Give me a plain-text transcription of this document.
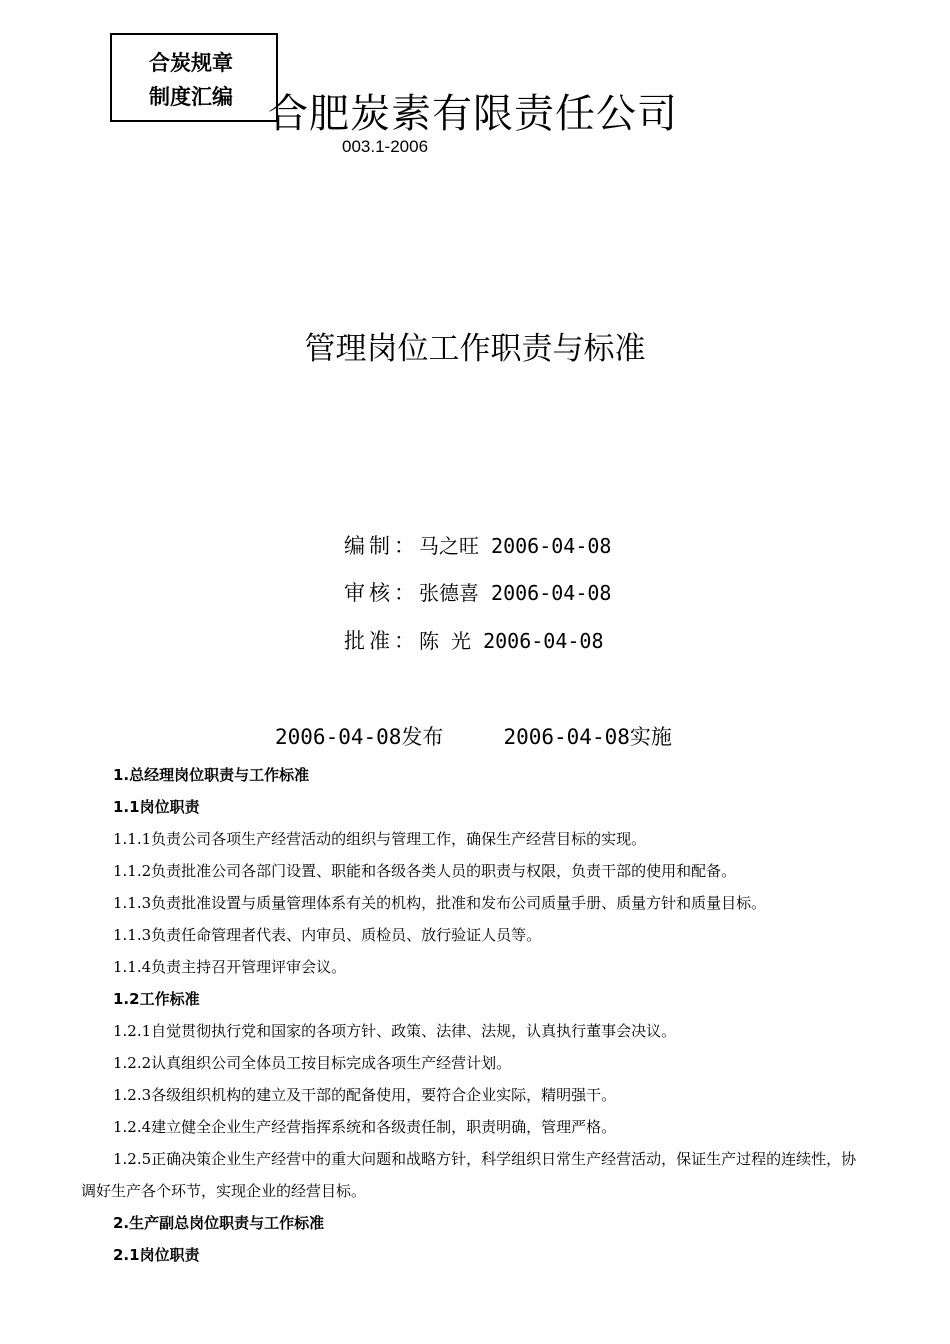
合炭规章
制度汇编 合肥炭素有限责任公司
003.1-2006
管理岗位工作职责与标准
编制：马之旺 2006-04-08
审核：张德喜 2006-04-08
批准：陈 光 2006-04-08
2006-04-08发布	2006-04-08实施
1.总经理岗位职责与工作标准
1.1岗位职责
1.1.1负责公司各项生产经营活动的组织与管理工作，确保生产经营目标的实现。
1.1.2负责批准公司各部门设置、职能和各级各类人员的职责与权限，负责干部的使用和配备。
1.1.3负责批准设置与质量管理体系有关的机构，批准和发布公司质量手册、质量方针和质量目标。
1.1.3负责任命管理者代表、内审员、质检员、放行验证人员等。
1.1.4负责主持召开管理评审会议。
1.2工作标准
1.2.1自觉贯彻执行党和国家的各项方针、政策、法律、法规，认真执行董事会决议。
1.2.2认真组织公司全体员工按目标完成各项生产经营计划。
1.2.3各级组织机构的建立及干部的配备使用，要符合企业实际，精明强干。
1.2.4建立健全企业生产经营指挥系统和各级责任制，职责明确，管理严格。
1.2.5正确决策企业生产经营中的重大问题和战略方针，科学组织日常生产经营活动，保证生产过程的连续性，协调好生产各个环节，实现企业的经营目标。
2.生产副总岗位职责与工作标准
2.1岗位职责
